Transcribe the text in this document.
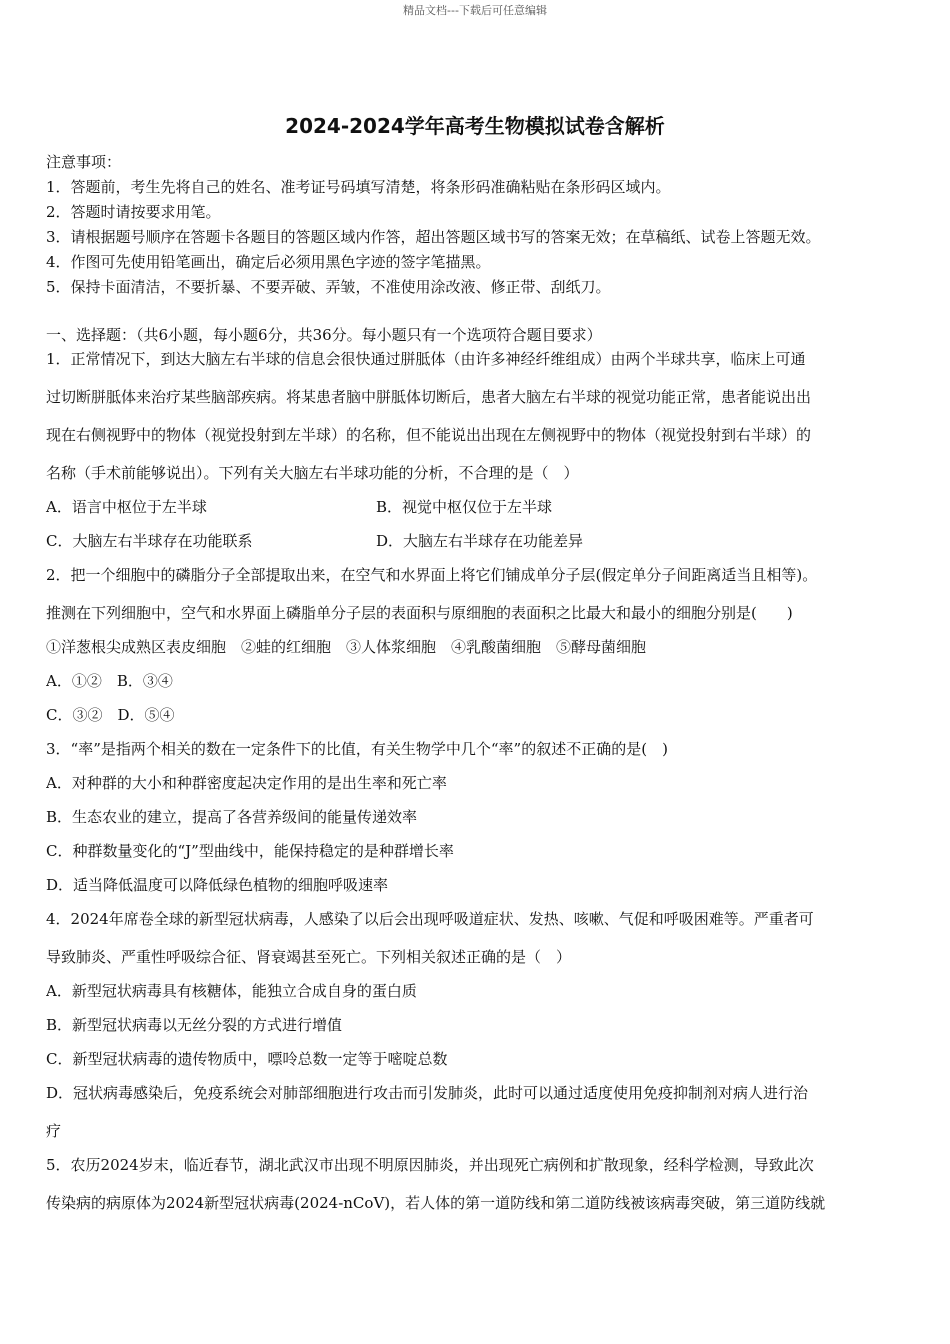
精品文档---下载后可任意编辑
2024-2024学年高考生物模拟试卷含解析
注意事项：
1．答题前，考生先将自己的姓名、准考证号码填写清楚，将条形码准确粘贴在条形码区域内。
2．答题时请按要求用笔。
3．请根据题号顺序在答题卡各题目的答题区域内作答，超出答题区域书写的答案无效；在草稿纸、试卷上答题无效。
4．作图可先使用铅笔画出，确定后必须用黑色字迹的签字笔描黑。
5．保持卡面清洁，不要折暴、不要弄破、弄皱，不准使用涂改液、修正带、刮纸刀。
一、选择题：（共6小题，每小题6分，共36分。每小题只有一个选项符合题目要求）
1．正常情况下，到达大脑左右半球的信息会很快通过胼胝体（由许多神经纤维组成）由两个半球共享，临床上可通
过切断胼胝体来治疗某些脑部疾病。将某患者脑中胼胝体切断后，患者大脑左右半球的视觉功能正常，患者能说出出
现在右侧视野中的物体（视觉投射到左半球）的名称，但不能说出出现在左侧视野中的物体（视觉投射到右半球）的
名称（手术前能够说出）。下列有关大脑左右半球功能的分析，不合理的是（　）
A．语言中枢位于左半球	B．视觉中枢仅位于左半球
C．大脑左右半球存在功能联系	D．大脑左右半球存在功能差异
2．把一个细胞中的磷脂分子全部提取出来，在空气和水界面上将它们铺成单分子层(假定单分子间距离适当且相等)。
推测在下列细胞中，空气和水界面上磷脂单分子层的表面积与原细胞的表面积之比最大和最小的细胞分别是(　　)
①洋葱根尖成熟区表皮细胞　②蛙的红细胞　③人体浆细胞　④乳酸菌细胞　⑤酵母菌细胞
A．①②　B．③④
C．③②　D．⑤④
3．“率”是指两个相关的数在一定条件下的比值，有关生物学中几个“率”的叙述不正确的是(　)
A．对种群的大小和种群密度起决定作用的是出生率和死亡率
B．生态农业的建立，提高了各营养级间的能量传递效率
C．种群数量变化的“J”型曲线中，能保持稳定的是种群增长率
D．适当降低温度可以降低绿色植物的细胞呼吸速率
4．2024年席卷全球的新型冠状病毒，人感染了以后会出现呼吸道症状、发热、咳嗽、气促和呼吸困难等。严重者可
导致肺炎、严重性呼吸综合征、肾衰竭甚至死亡。下列相关叙述正确的是（　）
A．新型冠状病毒具有核糖体，能独立合成自身的蛋白质
B．新型冠状病毒以无丝分裂的方式进行增值
C．新型冠状病毒的遗传物质中，嘌呤总数一定等于嘧啶总数
D．冠状病毒感染后，免疫系统会对肺部细胞进行攻击而引发肺炎，此时可以通过适度使用免疫抑制剂对病人进行治
疗
5．农历2024岁末，临近春节，湖北武汉市出现不明原因肺炎，并出现死亡病例和扩散现象，经科学检测，导致此次
传染病的病原体为2024新型冠状病毒(2024-nCoV)，若人体的第一道防线和第二道防线被该病毒突破，第三道防线就
